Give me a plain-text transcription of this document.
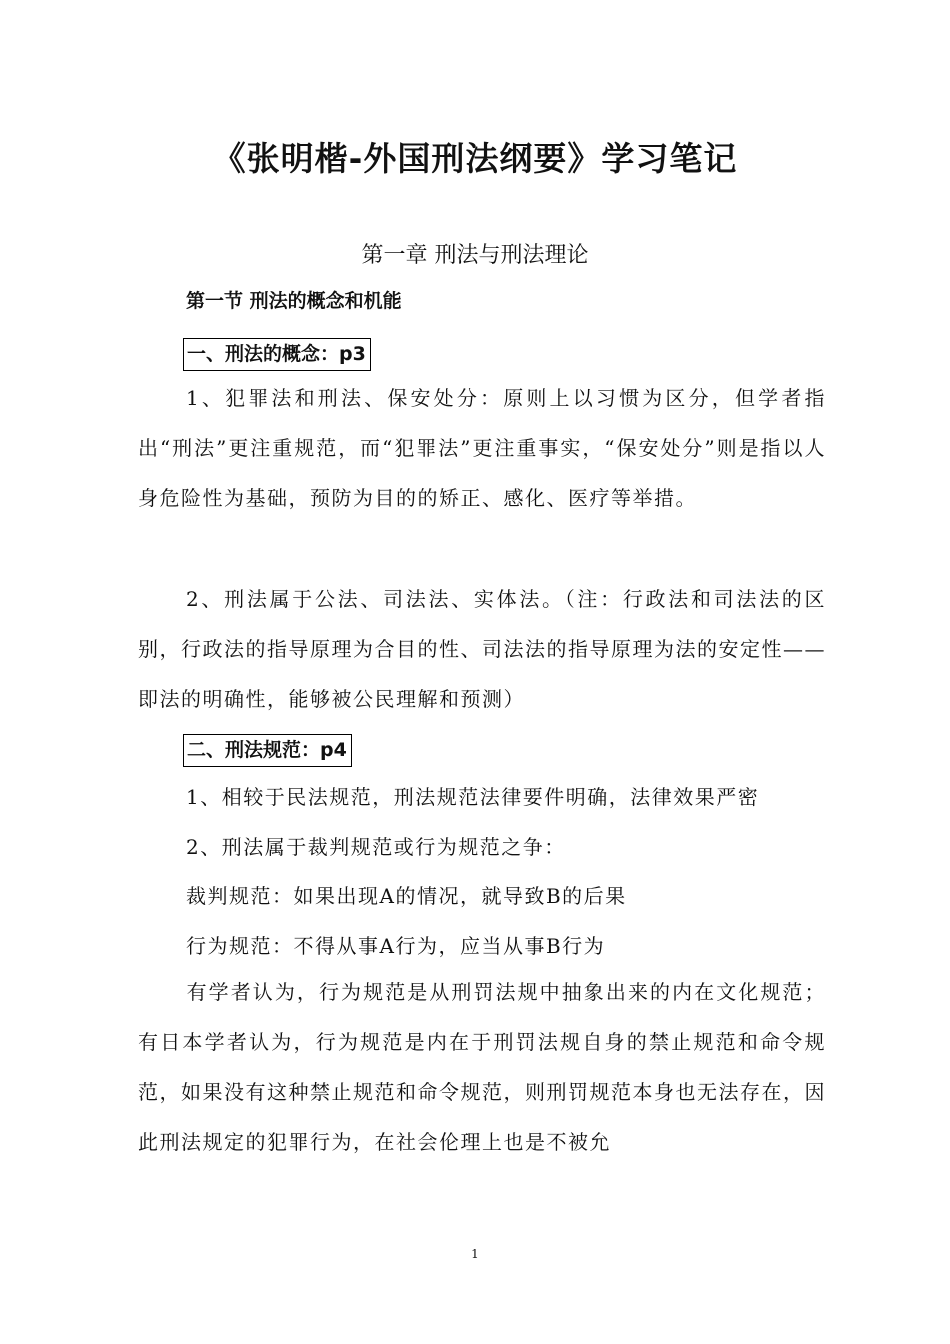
《张明楷-外国刑法纲要》学习笔记
第一章 刑法与刑法理论
第一节 刑法的概念和机能
一、刑法的概念：p3
1、犯罪法和刑法、保安处分：原则上以习惯为区分，但学者指出“刑法”更注重规范，而“犯罪法”更注重事实，“保安处分”则是指以人身危险性为基础，预防为目的的矫正、感化、医疗等举措。
2、刑法属于公法、司法法、实体法。（注：行政法和司法法的区别，行政法的指导原理为合目的性、司法法的指导原理为法的安定性——即法的明确性，能够被公民理解和预测）
二、刑法规范：p4
1、相较于民法规范，刑法规范法律要件明确，法律效果严密
2、刑法属于裁判规范或行为规范之争：
裁判规范：如果出现A的情况，就导致B的后果
行为规范：不得从事A行为，应当从事B行为
有学者认为，行为规范是从刑罚法规中抽象出来的内在文化规范；有日本学者认为，行为规范是内在于刑罚法规自身的禁止规范和命令规范，如果没有这种禁止规范和命令规范，则刑罚规范本身也无法存在，因此刑法规定的犯罪行为，在社会伦理上也是不被允
1
